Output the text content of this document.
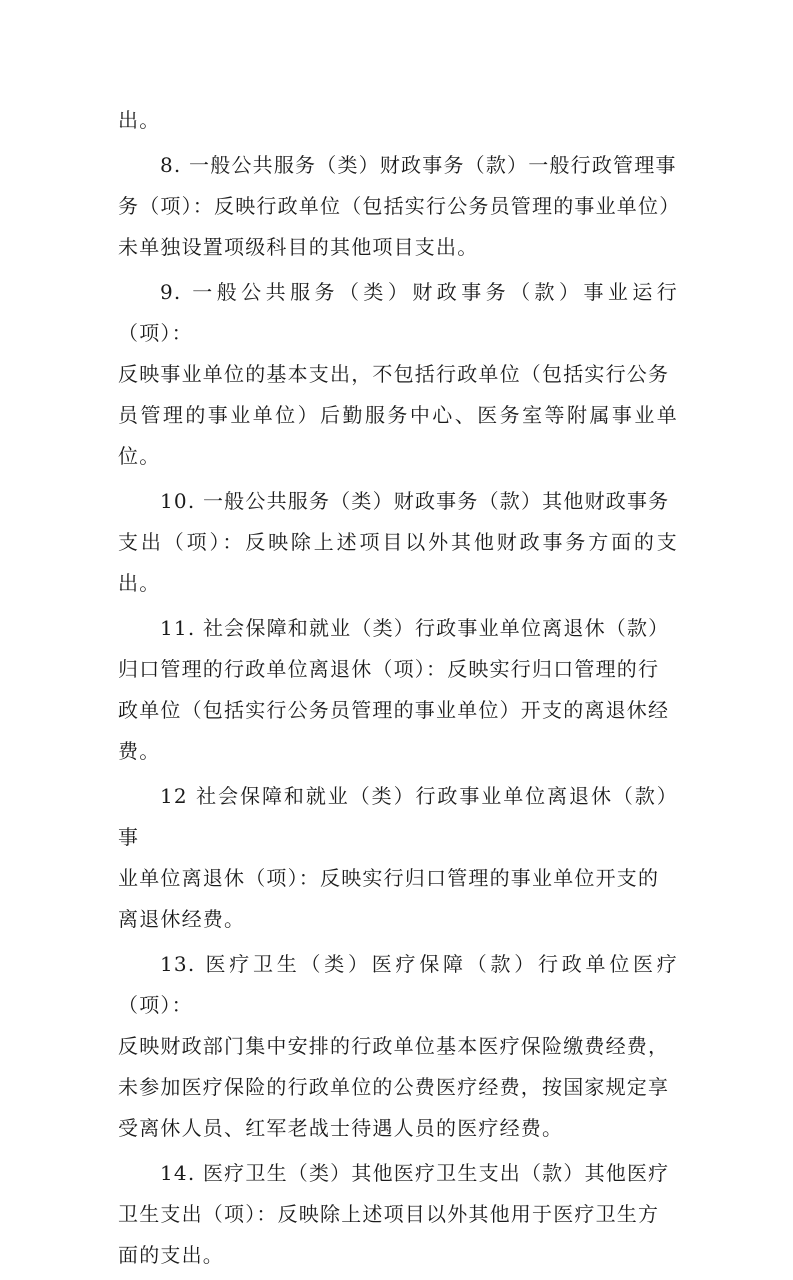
出。
8. 一般公共服务（类）财政事务（款）一般行政管理事
务（项）：反映行政单位（包括实行公务员管理的事业单位）
未单独设置项级科目的其他项目支出。
9. 一般公共服务（类）财政事务（款）事业运行（项）：
反映事业单位的基本支出，不包括行政单位（包括实行公务
员管理的事业单位）后勤服务中心、医务室等附属事业单位。
10. 一般公共服务（类）财政事务（款）其他财政事务
支出（项）：反映除上述项目以外其他财政事务方面的支出。
11. 社会保障和就业（类）行政事业单位离退休（款）
归口管理的行政单位离退休（项）：反映实行归口管理的行
政单位（包括实行公务员管理的事业单位）开支的离退休经
费。
12 社会保障和就业（类）行政事业单位离退休（款）事
业单位离退休（项）：反映实行归口管理的事业单位开支的
离退休经费。
13. 医疗卫生（类）医疗保障（款）行政单位医疗（项）：
反映财政部门集中安排的行政单位基本医疗保险缴费经费，
未参加医疗保险的行政单位的公费医疗经费，按国家规定享
受离休人员、红军老战士待遇人员的医疗经费。
14. 医疗卫生（类）其他医疗卫生支出（款）其他医疗
卫生支出（项）：反映除上述项目以外其他用于医疗卫生方
面的支出。
